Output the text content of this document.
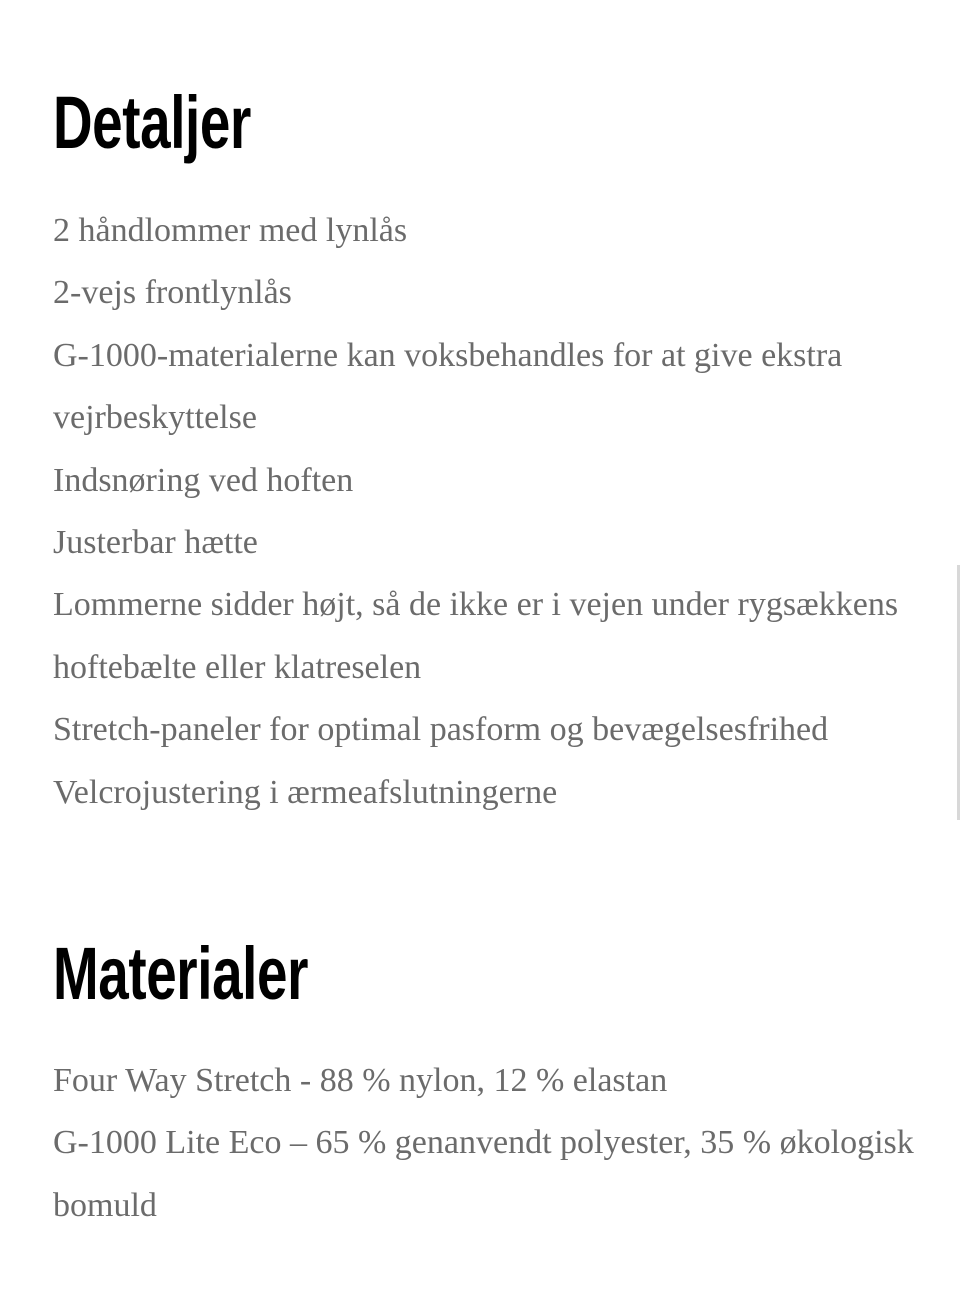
Detaljer
2 håndlommer med lynlås
2-vejs frontlynlås
G-1000-materialerne kan voksbehandles for at give ekstra vejrbeskyttelse
Indsnøring ved hoften
Justerbar hætte
Lommerne sidder højt, så de ikke er i vejen under rygsækkens hoftebælte eller klatreselen
Stretch-paneler for optimal pasform og bevægelsesfrihed
Velcrojustering i ærmeafslutningerne
Materialer
Four Way Stretch - 88 % nylon, 12 % elastan
G-1000 Lite Eco – 65 % genanvendt polyester, 35 % økologisk bomuld
